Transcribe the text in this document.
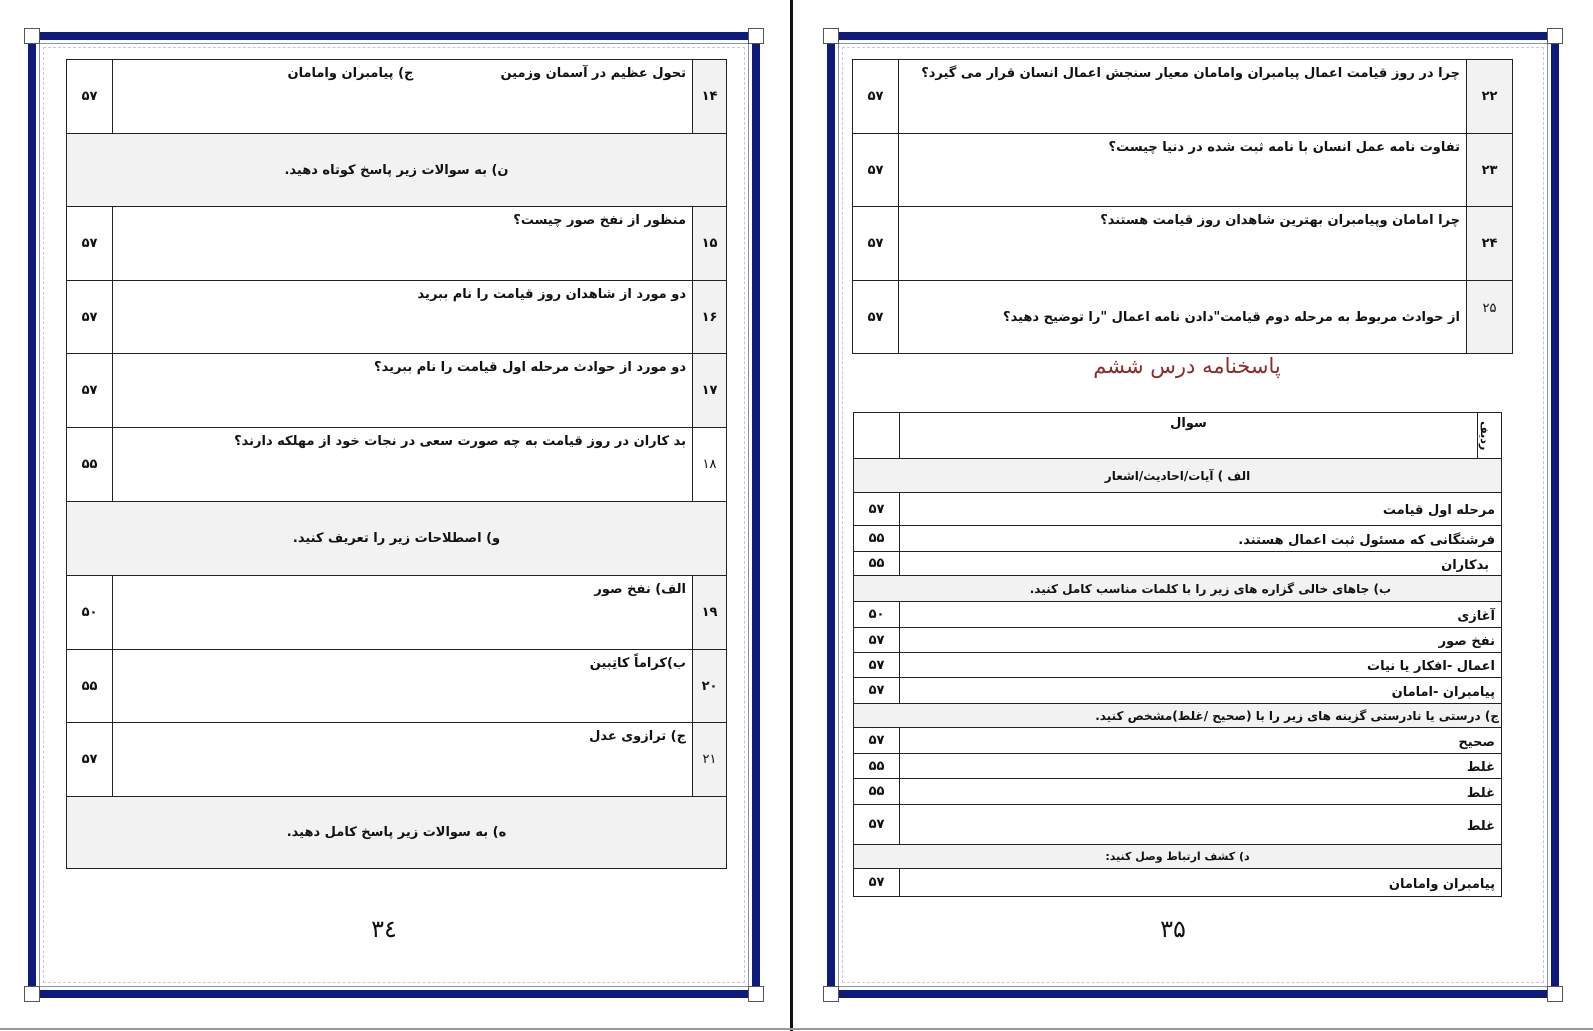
۵۷	تحول عظیم در آسمان وزمین  ج) پیامبران وامامان	۱۴
ن) به سوالات زیر پاسخ کوتاه دهید.		
۵۷	منظور از نفخ صور چیست؟	۱۵
۵۷	دو مورد از شاهدان روز قیامت را نام ببرید	۱۶
۵۷	دو مورد از حوادث مرحله اول قیامت را نام ببرید؟	۱۷
۵۵	بد کاران در روز قیامت به چه صورت سعی در نجات خود از مهلکه دارند؟	۱۸
و) اصطلاحات زیر را تعریف کنید.		
۵۰	الف) نفخ صور	۱۹
۵۵	ب)کراماً کاتِبین	۲۰
۵۷	ج) ترازوی عدل	۲۱
ه) به سوالات زیر پاسخ کامل دهید.		
۳٤
۵۷	چرا در روز قیامت اعمال پیامبران وامامان معیار سنجش اعمال انسان قرار می گیرد؟	۲۲
۵۷	تفاوت نامه عمل انسان با نامه ثبت شده در دنیا چیست؟	۲۳
۵۷	چرا امامان وپیامبران بهترین شاهدان روز قیامت هستند؟	۲۴
۵۷	از حوادث مربوط به مرحله دوم قیامت"دادن نامه اعمال "را توضیح دهید؟	۲۵
پاسخنامه درس ششم
	سوال	ردیف

الف ) آیات/احادیث/اشعار		
۵۷	مرحله اول قیامت	
۵۵	فرشتگانی که مسئول ثبت اعمال هستند.	
۵۵	بدکاران	
ب) جاهای خالی گزاره های زیر را با کلمات مناسب کامل کنید.		
۵۰	آغازی	
۵۷	نفخ صور	
۵۷	اعمال -افکار یا نیات	
۵۷	پیامبران -امامان	
ج) درستی یا نادرستی گزینه های زیر را با (صحیح /غلط)مشخص کنید.		
۵۷	صحیح	
۵۵	غلط	
۵۵	غلط	
۵۷	غلط	
د) کشف ارتباط وصل کنید:		
۵۷	پیامبران وامامان	
۳۵
